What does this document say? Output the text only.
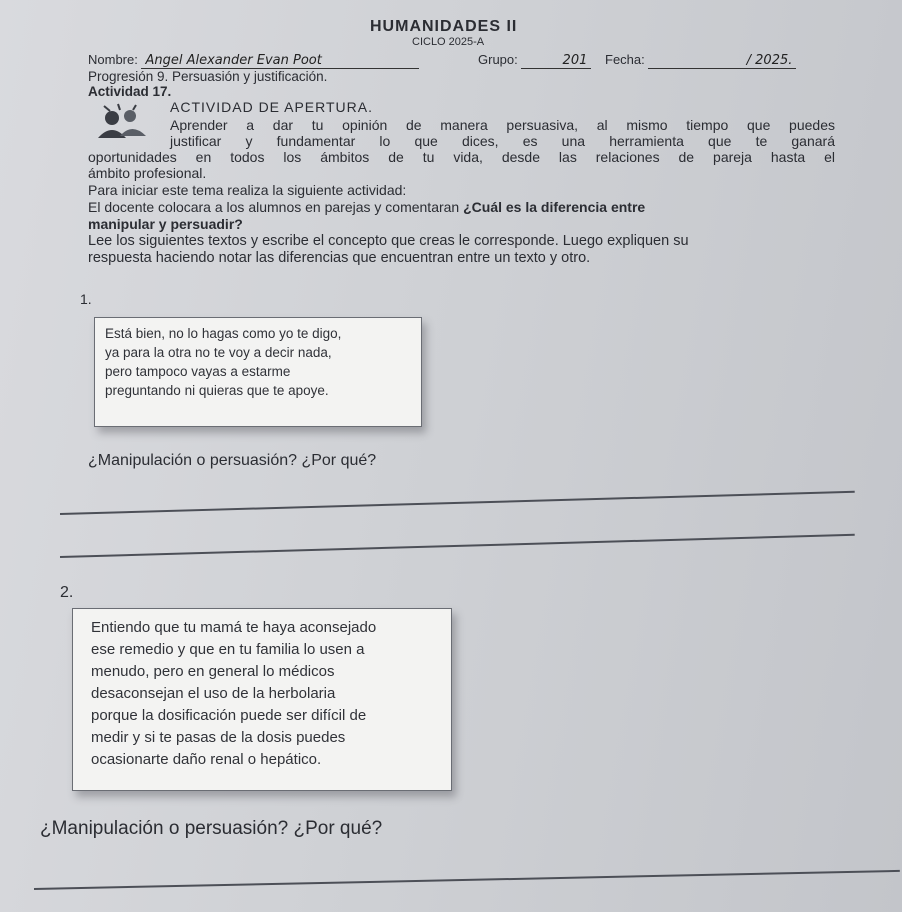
HUMANIDADES II
CICLO 2025-A
Nombre: Angel Alexander Evan Poot	Grupo:	201	Fecha:	/ 2025.
Progresión 9. Persuasión y justificación.
Actividad 17.
ACTIVIDAD DE APERTURA.
Aprender a dar tu opinión de manera persuasiva, al mismo tiempo que puedes
justificar y fundamentar lo que dices, es una herramienta que te ganará
oportunidades en todos los ámbitos de tu vida, desde las relaciones de pareja hasta el
ámbito profesional.
Para iniciar este tema realiza la siguiente actividad:
El docente colocara a los alumnos en parejas y comentaran ¿Cuál es la diferencia entre
manipular y persuadir?
Lee los siguientes textos y escribe el concepto que creas le corresponde. Luego expliquen su
respuesta haciendo notar las diferencias que encuentran entre un texto y otro.
1.
Está bien, no lo hagas como yo te digo,
ya para la otra no te voy a decir nada,
pero tampoco vayas a estarme
preguntando ni quieras que te apoye.
¿Manipulación o persuasión? ¿Por qué?
2.
Entiendo que tu mamá te haya aconsejado
ese remedio y que en tu familia lo usen a
menudo, pero en general lo médicos
desaconsejan el uso de la herbolaria
porque la dosificación puede ser difícil de
medir y si te pasas de la dosis puedes
ocasionarte daño renal o hepático.
¿Manipulación o persuasión? ¿Por qué?
